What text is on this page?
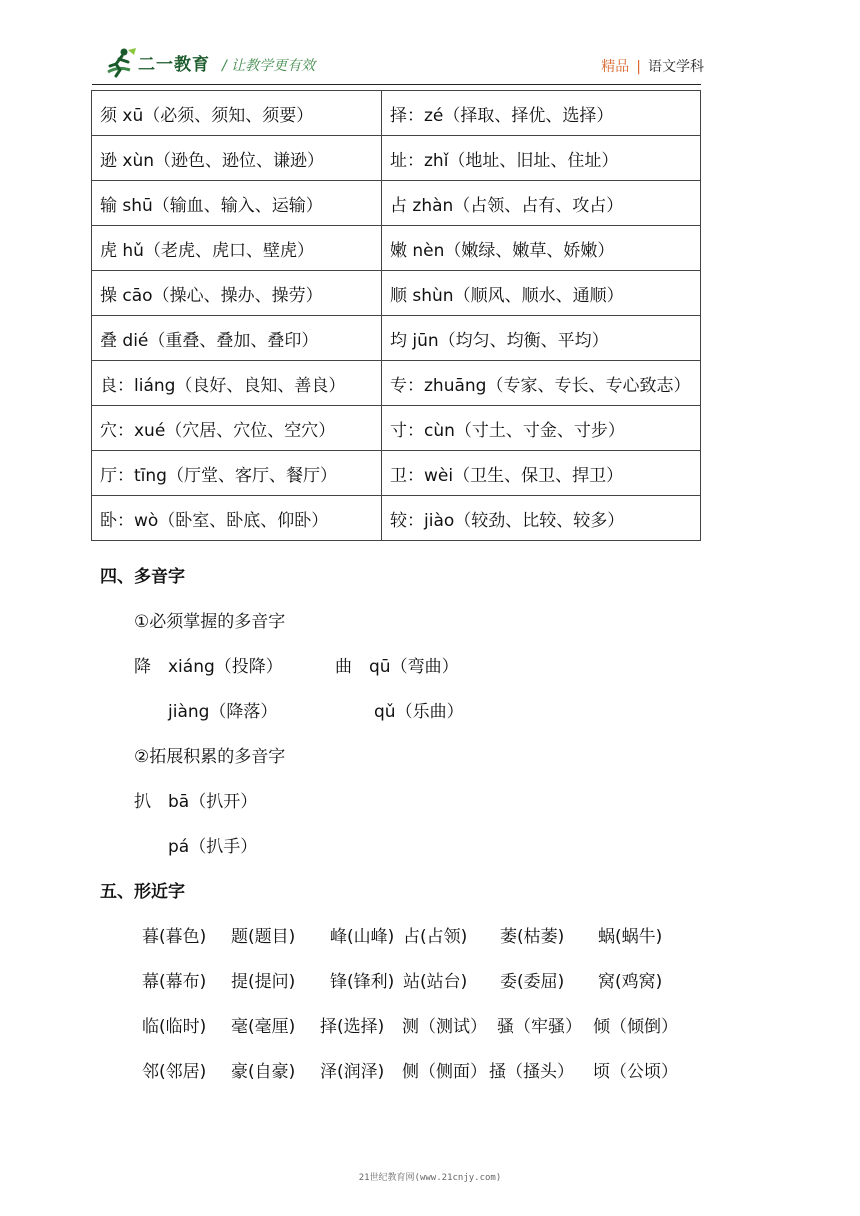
二一教育 / 让教学更有效	精品 | 语文学科
须 xū（必须、须知、须要）	择：zé（择取、择优、选择）
逊 xùn（逊色、逊位、谦逊）	址：zhǐ（地址、旧址、住址）
输 shū（输血、输入、运输）	占 zhàn（占领、占有、攻占）
虎 hǔ（老虎、虎口、壁虎）	嫩 nèn（嫩绿、嫩草、娇嫩）
操 cāo（操心、操办、操劳）	顺 shùn（顺风、顺水、通顺）
叠 dié（重叠、叠加、叠印）	均 jūn（均匀、均衡、平均）
良：liáng（良好、良知、善良）	专：zhuāng（专家、专长、专心致志）
穴：xué（穴居、穴位、空穴）	寸：cùn（寸土、寸金、寸步）
厅：tīng（厅堂、客厅、餐厅）	卫：wèi（卫生、保卫、捍卫）
卧：wò（卧室、卧底、仰卧）	较：jiào（较劲、比较、较多）
四、多音字
①必须掌握的多音字
降 xiáng（投降）	曲 qū（弯曲）
jiàng（降落）	qǔ（乐曲）
②拓展积累的多音字
扒 bā（扒开）
pá（扒手）
五、形近字
暮(暮色) 题(题目) 峰(山峰) 占(占领) 萎(枯萎) 蜗(蜗牛)
幕(幕布) 提(提问) 锋(锋利) 站(站台) 委(委屈) 窝(鸡窝)
临(临时) 毫(毫厘) 择(选择) 测（测试） 骚（牢骚） 倾（倾倒）
邻(邻居) 豪(自豪) 泽(润泽) 侧（侧面） 搔（搔头） 顷（公顷）
21世纪教育网(www.21cnjy.com)
